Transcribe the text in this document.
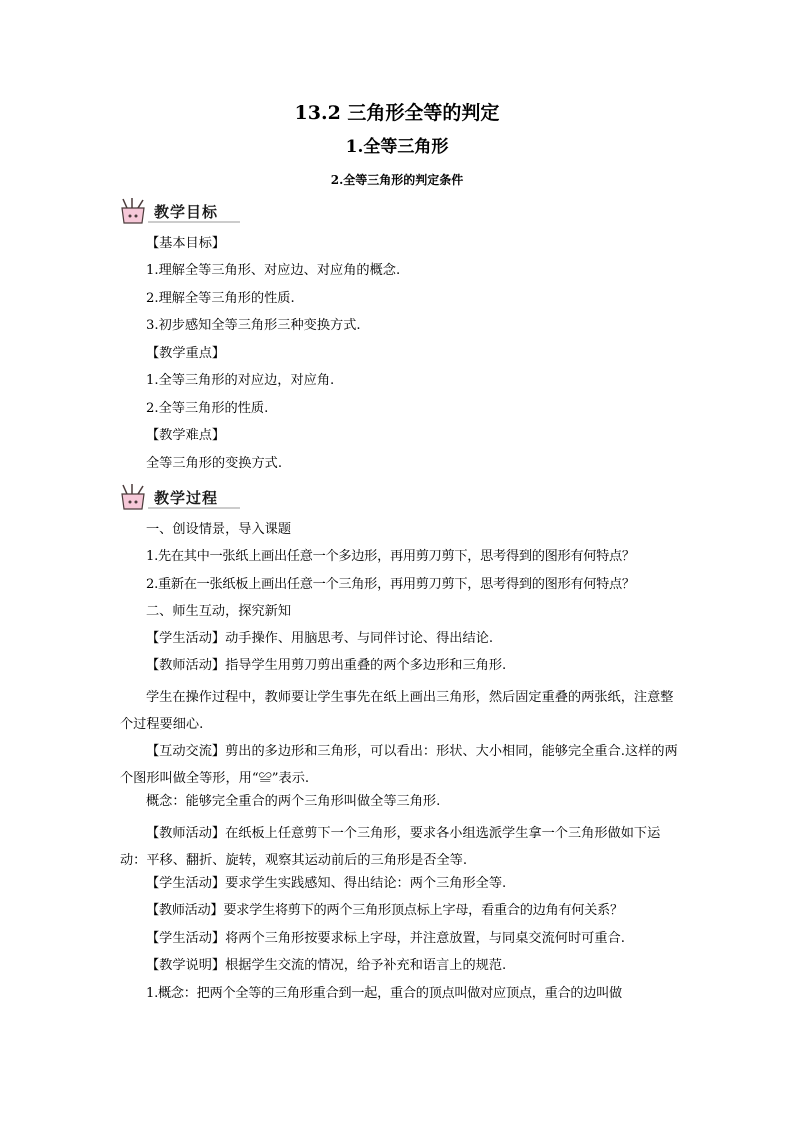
13.2 三角形全等的判定
1.全等三角形
2.全等三角形的判定条件
教学目标
【基本目标】
1.理解全等三角形、对应边、对应角的概念.
2.理解全等三角形的性质.
3.初步感知全等三角形三种变换方式.
【教学重点】
1.全等三角形的对应边，对应角.
2.全等三角形的性质.
【教学难点】
全等三角形的变换方式.
教学过程
一、创设情景，导入课题
1.先在其中一张纸上画出任意一个多边形，再用剪刀剪下，思考得到的图形有何特点？
2.重新在一张纸板上画出任意一个三角形，再用剪刀剪下，思考得到的图形有何特点？
二、师生互动，探究新知
【学生活动】动手操作、用脑思考、与同伴讨论、得出结论.
【教师活动】指导学生用剪刀剪出重叠的两个多边形和三角形.
学生在操作过程中，教师要让学生事先在纸上画出三角形，然后固定重叠的两张纸，注意整个过程要细心.
【互动交流】剪出的多边形和三角形，可以看出：形状、大小相同，能够完全重合.这样的两个图形叫做全等形，用“≌”表示.
概念：能够完全重合的两个三角形叫做全等三角形.
【教师活动】在纸板上任意剪下一个三角形，要求各小组选派学生拿一个三角形做如下运动：平移、翻折、旋转，观察其运动前后的三角形是否全等.
【学生活动】要求学生实践感知、得出结论：两个三角形全等.
【教师活动】要求学生将剪下的两个三角形顶点标上字母，看重合的边角有何关系？
【学生活动】将两个三角形按要求标上字母，并注意放置，与同桌交流何时可重合.
【教学说明】根据学生交流的情况，给予补充和语言上的规范.
1.概念：把两个全等的三角形重合到一起，重合的顶点叫做对应顶点，重合的边叫做
